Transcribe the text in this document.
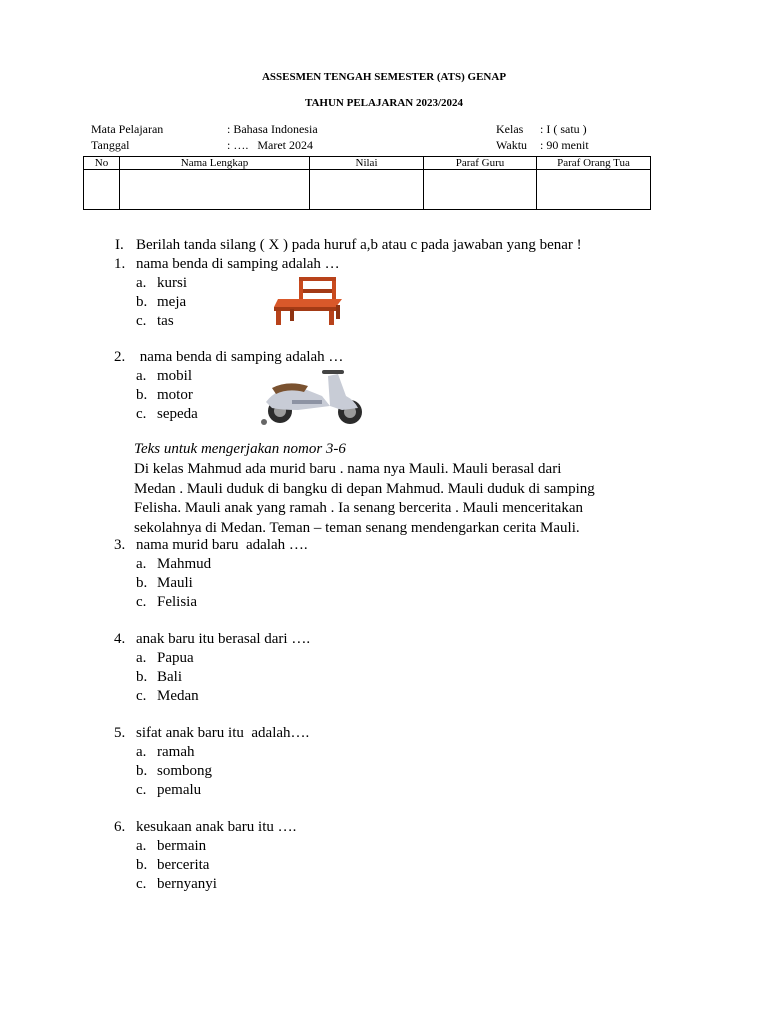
ASSESMEN TENGAH SEMESTER (ATS) GENAP
TAHUN PELAJARAN 2023/2024
Mata Pelajaran	: Bahasa Indonesia
Tanggal	: ….   Maret 2024
Kelas : I ( satu )
Waktu : 90 menit
No	Nama Lengkap	Nilai	Paraf Guru	Paraf Orang Tua

I. Berilah tanda silang ( X ) pada huruf a,b atau c pada jawaban yang benar !
1. nama benda di samping adalah …
a. kursi
b. meja
c. tas
2. nama benda di samping adalah …
a. mobil
b. motor
c. sepeda
3. nama murid baru  adalah ….
a. Mahmud
b. Mauli
c. Felisia
4. anak baru itu berasal dari ….
a. Papua
b. Bali
c. Medan
5. sifat anak baru itu  adalah….
a. ramah
b. sombong
c. pemalu
6. kesukaan anak baru itu ….
a. bermain
b. bercerita
c. bernyanyi
Teks untuk mengerjakan nomor 3-6
Di kelas Mahmud ada murid baru . nama nya Mauli. Mauli berasal dari
Medan . Mauli duduk di bangku di depan Mahmud. Mauli duduk di samping
Felisha. Mauli anak yang ramah . Ia senang bercerita . Mauli menceritakan
sekolahnya di Medan. Teman – teman senang mendengarkan cerita Mauli.
